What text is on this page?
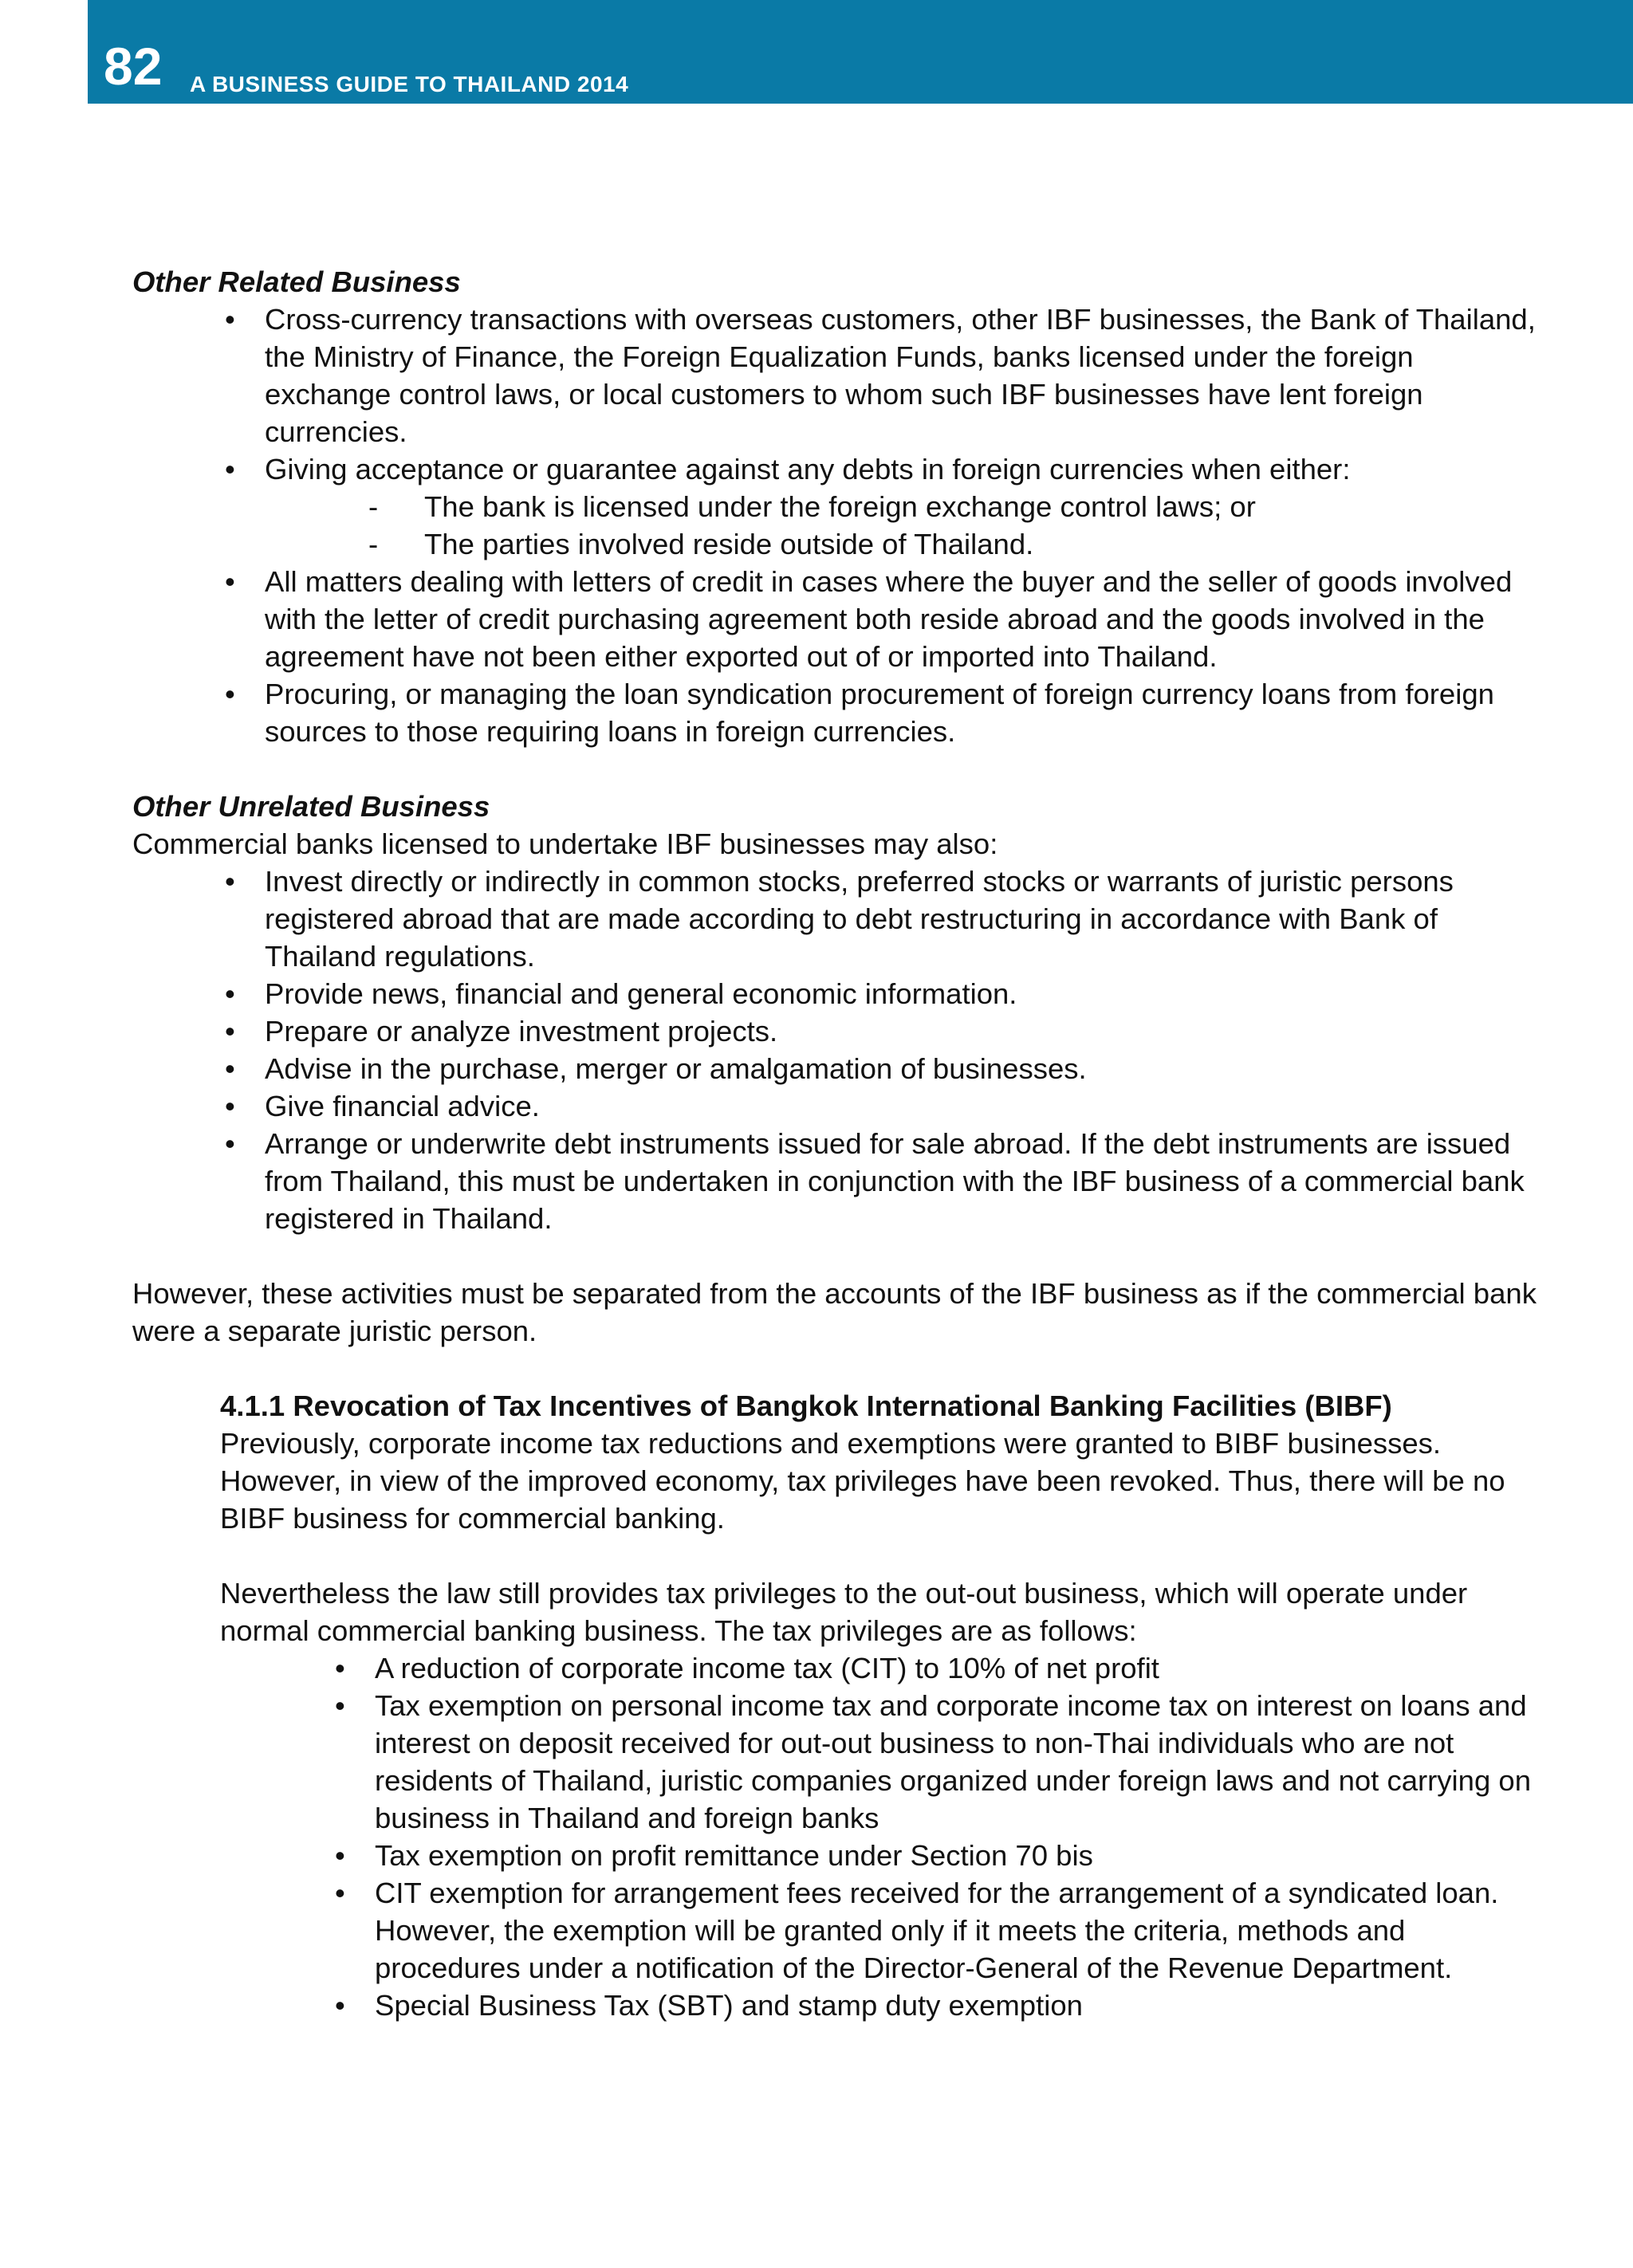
82 A BUSINESS GUIDE TO THAILAND 2014

Other Related Business

• Cross-currency transactions with overseas customers, other IBF businesses, the Bank of Thailand, the Ministry of Finance, the Foreign Equalization Funds, banks licensed under the foreign exchange control laws, or local customers to whom such IBF businesses have lent foreign currencies.
• Giving acceptance or guarantee against any debts in foreign currencies when either:
- The bank is licensed under the foreign exchange control laws; or
- The parties involved reside outside of Thailand.
• All matters dealing with letters of credit in cases where the buyer and the seller of goods involved with the letter of credit purchasing agreement both reside abroad and the goods involved in the agreement have not been either exported out of or imported into Thailand.
• Procuring, or managing the loan syndication procurement of foreign currency loans from foreign sources to those requiring loans in foreign currencies.

Other Unrelated Business

Commercial banks licensed to undertake IBF businesses may also:

• Invest directly or indirectly in common stocks, preferred stocks or warrants of juristic persons registered abroad that are made according to debt restructuring in accordance with Bank of Thailand regulations.
• Provide news, financial and general economic information.
• Prepare or analyze investment projects.
• Advise in the purchase, merger or amalgamation of businesses.
• Give financial advice.
• Arrange or underwrite debt instruments issued for sale abroad. If the debt instruments are issued from Thailand, this must be undertaken in conjunction with the IBF business of a commercial bank registered in Thailand.

However, these activities must be separated from the accounts of the IBF business as if the commercial bank were a separate juristic person.

4.1.1 Revocation of Tax Incentives of Bangkok International Banking Facilities (BIBF)

Previously, corporate income tax reductions and exemptions were granted to BIBF businesses. However, in view of the improved economy, tax privileges have been revoked. Thus, there will be no BIBF business for commercial banking.

Nevertheless the law still provides tax privileges to the out-out business, which will operate under normal commercial banking business. The tax privileges are as follows:

• A reduction of corporate income tax (CIT) to 10% of net profit
• Tax exemption on personal income tax and corporate income tax on interest on loans and interest on deposit received for out-out business to non-Thai individuals who are not residents of Thailand, juristic companies organized under foreign laws and not carrying on business in Thailand and foreign banks
• Tax exemption on profit remittance under Section 70 bis
• CIT exemption for arrangement fees received for the arrangement of a syndicated loan. However, the exemption will be granted only if it meets the criteria, methods and procedures under a notification of the Director-General of the Revenue Department.
• Special Business Tax (SBT) and stamp duty exemption
